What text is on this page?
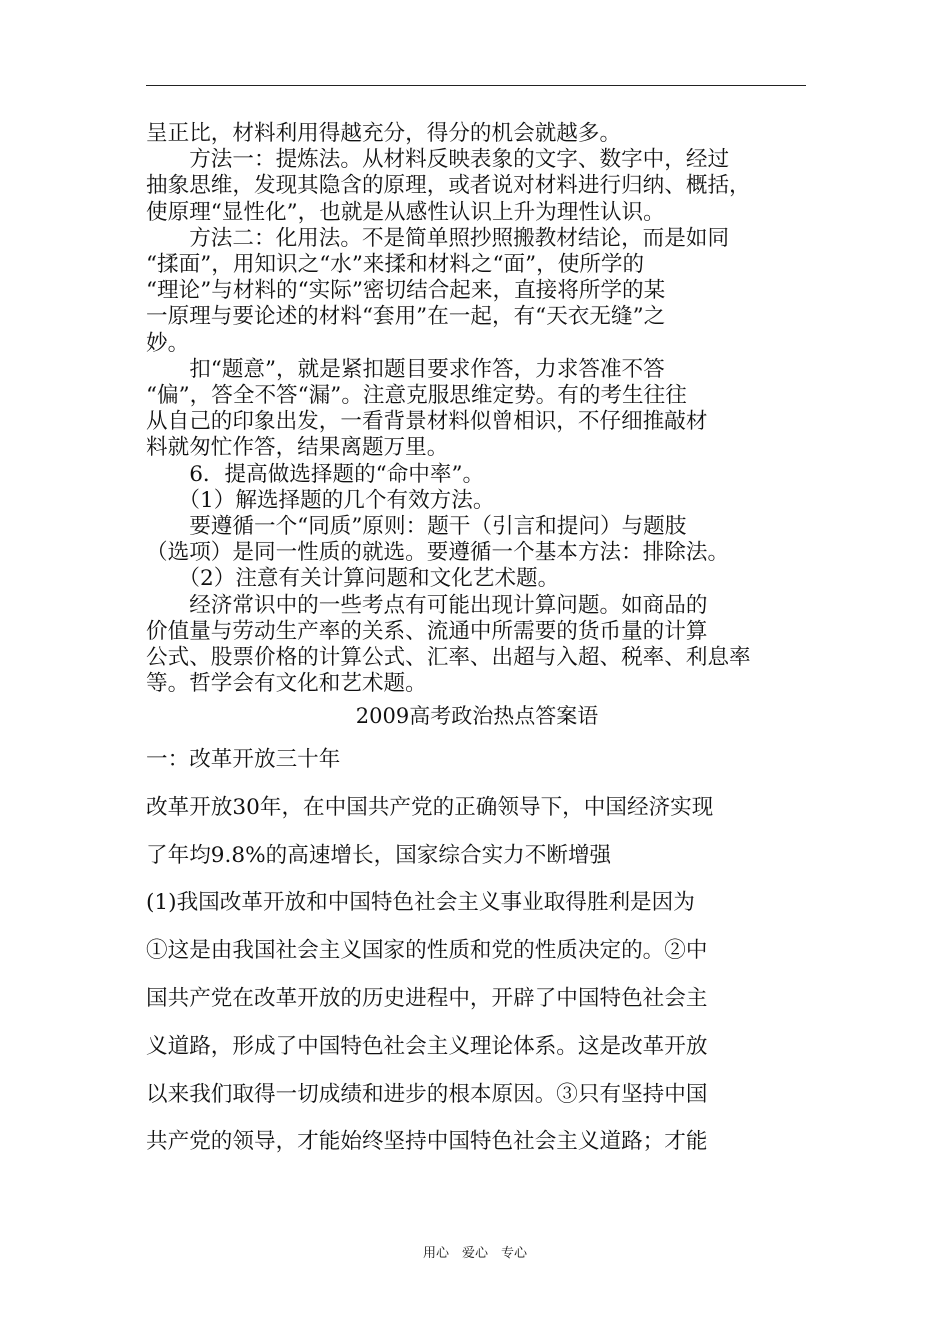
呈正比，材料利用得越充分，得分的机会就越多。

　　方法一：提炼法。从材料反映表象的文字、数字中，经过

抽象思维，发现其隐含的原理，或者说对材料进行归纳、概括，

使原理“显性化”，也就是从感性认识上升为理性认识。

　　方法二：化用法。不是简单照抄照搬教材结论，而是如同

“揉面”，用知识之“水”来揉和材料之“面”，使所学的

“理论”与材料的“实际”密切结合起来，直接将所学的某

一原理与要论述的材料“套用”在一起，有“天衣无缝”之

妙。

　　扣“题意”，就是紧扣题目要求作答，力求答准不答

“偏”，答全不答“漏”。注意克服思维定势。有的考生往往

从自己的印象出发，一看背景材料似曾相识，不仔细推敲材

料就匆忙作答，结果离题万里。

　　6．提高做选择题的“命中率”。

　　（1）解选择题的几个有效方法。

　　要遵循一个“同质”原则：题干（引言和提问）与题肢

（选项）是同一性质的就选。要遵循一个基本方法：排除法。

　　（2）注意有关计算问题和文化艺术题。

　　经济常识中的一些考点有可能出现计算问题。如商品的

价值量与劳动生产率的关系、流通中所需要的货币量的计算

公式、股票价格的计算公式、汇率、出超与入超、税率、利息率

等。哲学会有文化和艺术题。

2009高考政治热点答案语

一：改革开放三十年

改革开放30年，在中国共产党的正确领导下，中国经济实现

了年均9.8%的高速增长，国家综合实力不断增强

(1)我国改革开放和中国特色社会主义事业取得胜利是因为

①这是由我国社会主义国家的性质和党的性质决定的。②中

国共产党在改革开放的历史进程中，开辟了中国特色社会主

义道路，形成了中国特色社会主义理论体系。这是改革开放

以来我们取得一切成绩和进步的根本原因。③只有坚持中国

共产党的领导，才能始终坚持中国特色社会主义道路；才能

用心　爱心　专心
